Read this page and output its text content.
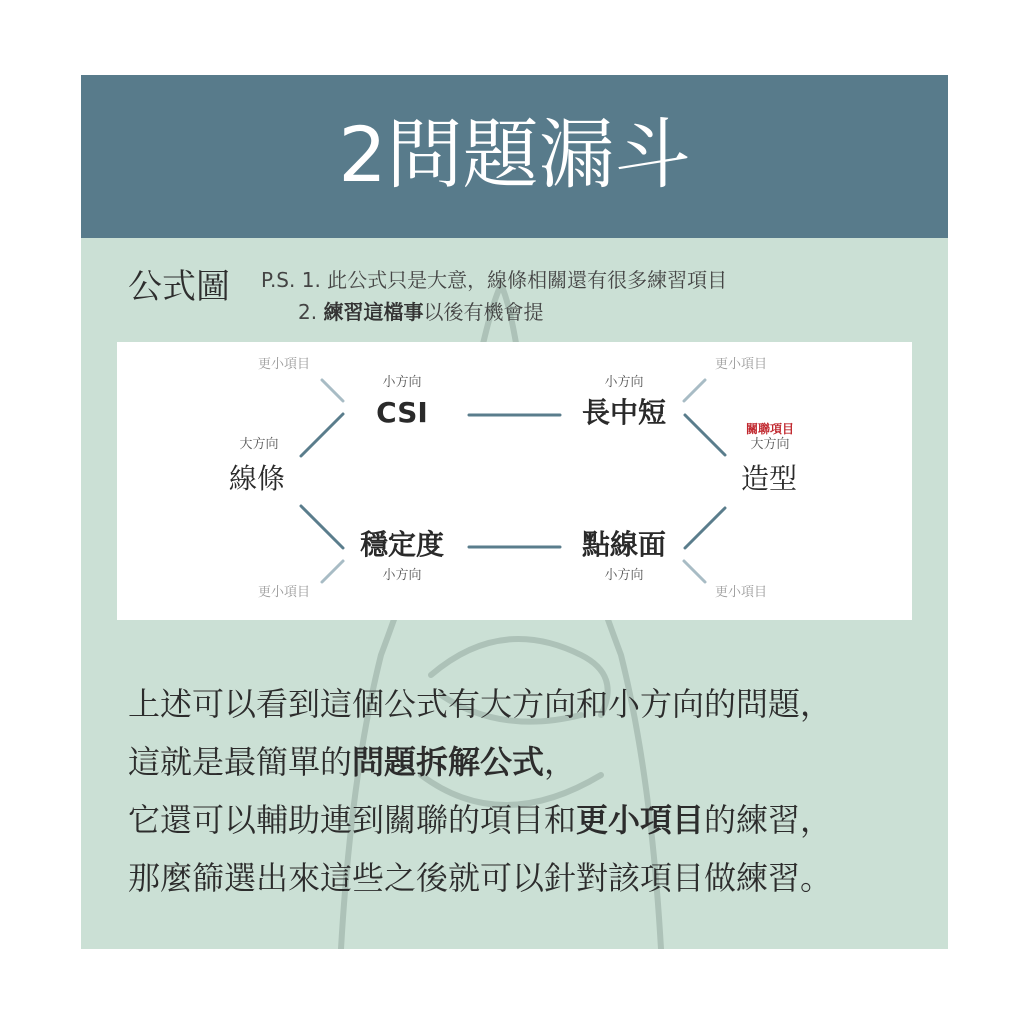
2問題漏斗
公式圖 P.S. 1. 此公式只是大意，線條相關還有很多練習項目
2. 練習這檔事以後有機會提
更小項目	更小項目
更小項目	更小項目
大方向
線條
關聯項目
大方向
造型
小方向
CSI
小方向
長中短
穩定度
小方向
點線面
小方向

上述可以看到這個公式有大方向和小方向的問題，

這就是最簡單的問題拆解公式，

它還可以輔助連到關聯的項目和更小項目的練習，

那麼篩選出來這些之後就可以針對該項目做練習。
